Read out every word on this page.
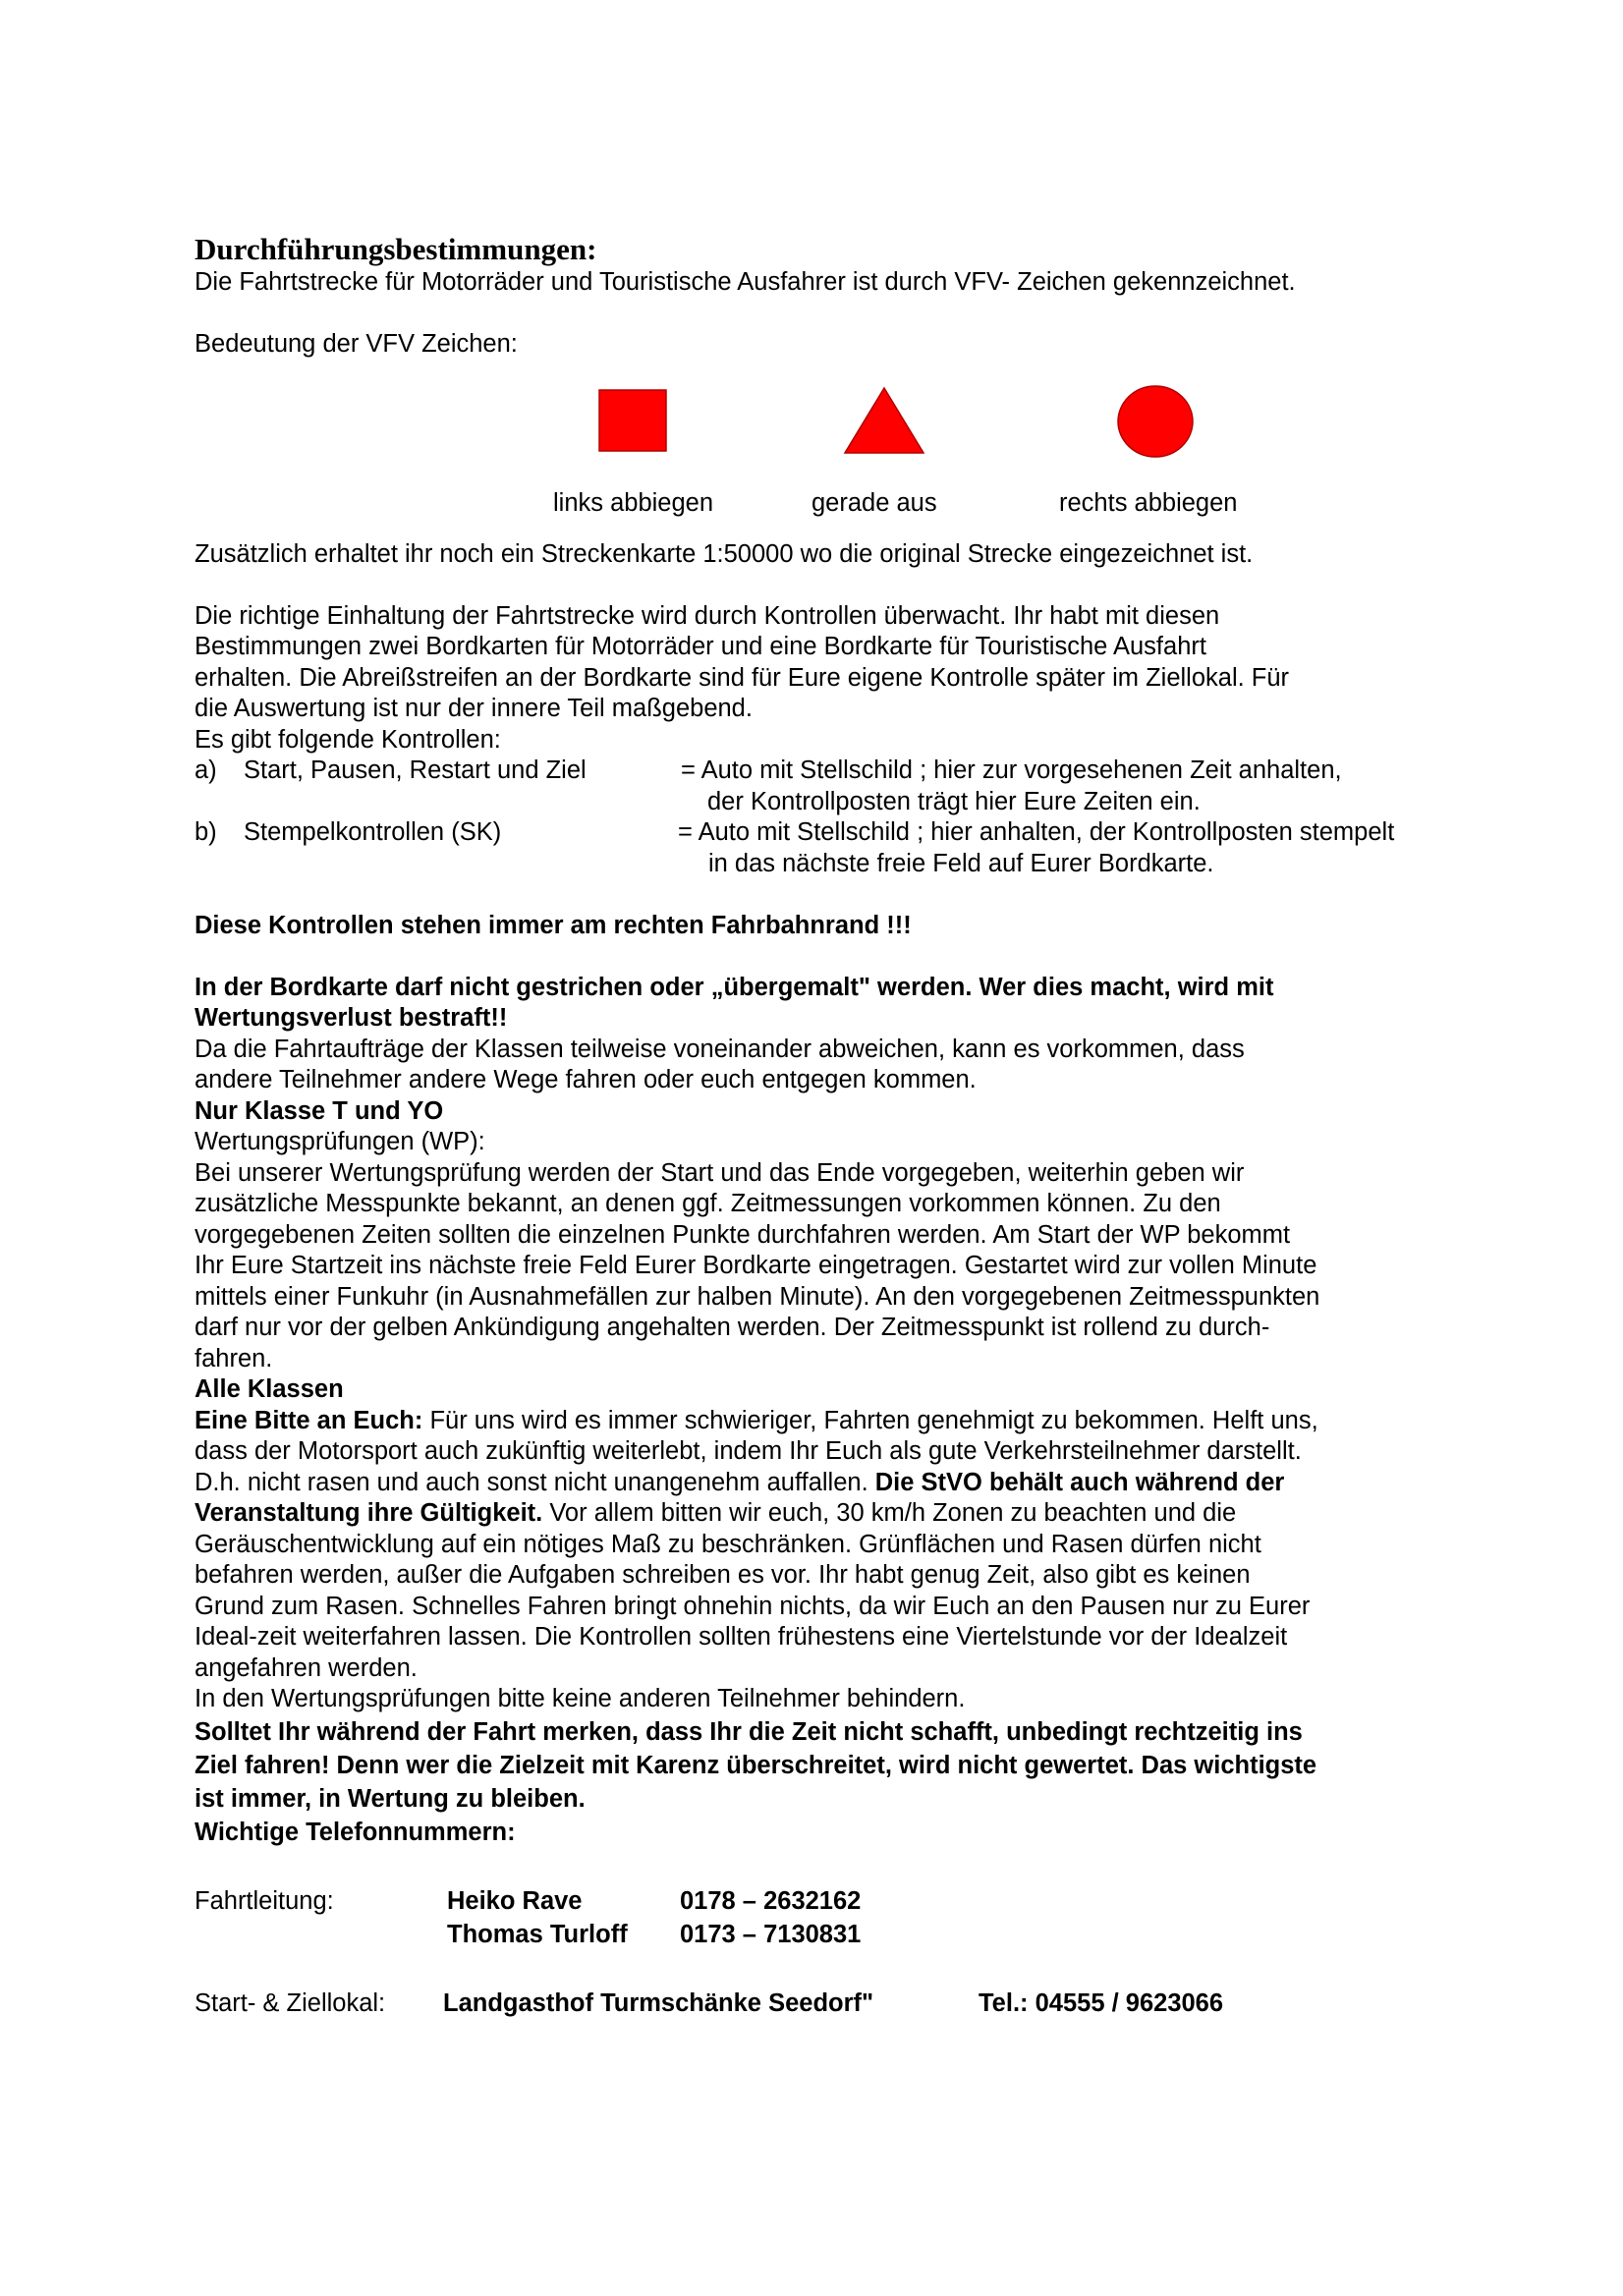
Durchführungsbestimmungen:

Die Fahrtstrecke für Motorräder und Touristische Ausfahrer ist durch VFV- Zeichen gekennzeichnet.

Bedeutung der VFV Zeichen:

links abbiegen	gerade aus	rechts abbiegen

Zusätzlich erhaltet ihr noch ein Streckenkarte 1:50000 wo die original Strecke eingezeichnet ist.

Die richtige Einhaltung der Fahrtstrecke wird durch Kontrollen überwacht. Ihr habt mit diesen

Bestimmungen zwei Bordkarten für Motorräder und eine Bordkarte für Touristische Ausfahrt

erhalten. Die Abreißstreifen an der Bordkarte sind für Eure eigene Kontrolle später im Ziellokal. Für

die Auswertung ist nur der innere Teil maßgebend.

Es gibt folgende Kontrollen:

a)	Start, Pausen, Restart und Ziel	= Auto mit Stellschild ; hier zur vorgesehenen Zeit anhalten,
der Kontrollposten trägt hier Eure Zeiten ein.
b)	Stempelkontrollen (SK)	= Auto mit Stellschild ; hier anhalten, der Kontrollposten stempelt
in das nächste freie Feld auf Eurer Bordkarte.

Diese Kontrollen stehen immer am rechten Fahrbahnrand !!!

In der Bordkarte darf nicht gestrichen oder „übergemalt" werden. Wer dies macht, wird mit

Wertungsverlust bestraft!!

Da die Fahrtaufträge der Klassen teilweise voneinander abweichen, kann es vorkommen, dass

andere Teilnehmer andere Wege fahren oder euch entgegen kommen.

Nur Klasse T und YO

Wertungsprüfungen (WP):

Bei unserer Wertungsprüfung werden der Start und das Ende vorgegeben, weiterhin geben wir

zusätzliche Messpunkte bekannt, an denen ggf. Zeitmessungen vorkommen können. Zu den

vorgegebenen Zeiten sollten die einzelnen Punkte durchfahren werden. Am Start der WP bekommt

Ihr Eure Startzeit ins nächste freie Feld Eurer Bordkarte eingetragen. Gestartet wird zur vollen Minute

mittels einer Funkuhr (in Ausnahmefällen zur halben Minute). An den vorgegebenen Zeitmesspunkten

darf nur vor der gelben Ankündigung angehalten werden. Der Zeitmesspunkt ist rollend zu durch-

fahren.

Alle Klassen

Eine Bitte an Euch: Für uns wird es immer schwieriger, Fahrten genehmigt zu bekommen. Helft uns,

dass der Motorsport auch zukünftig weiterlebt, indem Ihr Euch als gute Verkehrsteilnehmer darstellt.

D.h. nicht rasen und auch sonst nicht unangenehm auffallen. Die StVO behält auch während der

Veranstaltung ihre Gültigkeit. Vor allem bitten wir euch, 30 km/h Zonen zu beachten und die

Geräuschentwicklung auf ein nötiges Maß zu beschränken. Grünflächen und Rasen dürfen nicht

befahren werden, außer die Aufgaben schreiben es vor. Ihr habt genug Zeit, also gibt es keinen

Grund zum Rasen. Schnelles Fahren bringt ohnehin nichts, da wir Euch an den Pausen nur zu Eurer

Ideal-zeit weiterfahren lassen. Die Kontrollen sollten frühestens eine Viertelstunde vor der Idealzeit

angefahren werden.

In den Wertungsprüfungen bitte keine anderen Teilnehmer behindern.

Solltet Ihr während der Fahrt merken, dass Ihr die Zeit nicht schafft, unbedingt rechtzeitig ins

Ziel fahren! Denn wer die Zielzeit mit Karenz überschreitet, wird nicht gewertet. Das wichtigste

ist immer, in Wertung zu bleiben.

Wichtige Telefonnummern:

Fahrtleitung:	Heiko Rave	0178 – 2632162
Thomas Turloff	0173 – 7130831
Start- & Ziellokal:	Landgasthof Turmschänke Seedorf"	Tel.: 04555 / 9623066
